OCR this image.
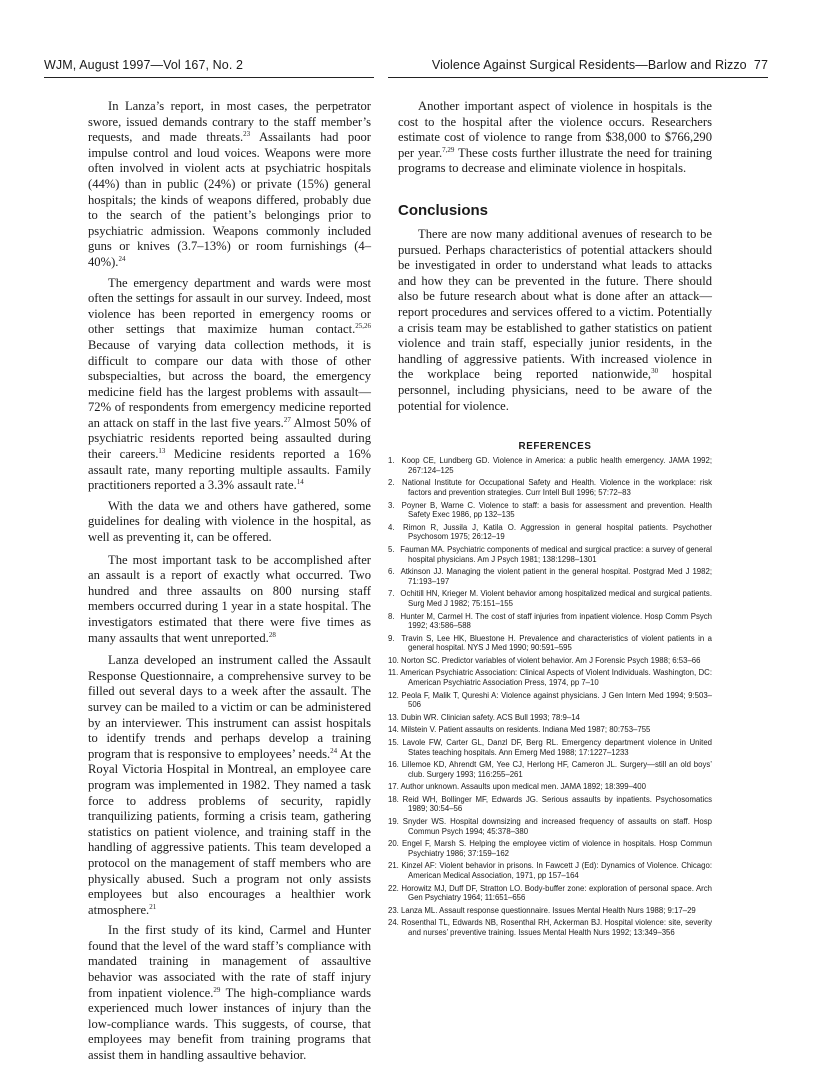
WJM, August 1997—Vol 167, No. 2	Violence Against Surgical Residents—Barlow and Rizzo 77

In Lanza’s report, in most cases, the perpetrator swore, issued demands contrary to the staff member’s requests, and made threats.$^{23}$ Assailants had poor impulse control and loud voices. Weapons were more often involved in violent acts at psychiatric hospitals (44%) than in public (24%) or private (15%) general hospitals; the kinds of weapons differed, probably due to the search of the patient’s belongings prior to psychiatric admission. Weapons commonly included guns or knives (3.7–13%) or room furnishings (4–40%).$^{24}$

The emergency department and wards were most often the settings for assault in our survey. Indeed, most violence has been reported in emergency rooms or other settings that maximize human contact.$^{25,26}$ Because of varying data collection methods, it is difficult to compare our data with those of other subspecialties, but across the board, the emergency medicine field has the largest problems with assault—72% of respondents from emergency medicine reported an attack on staff in the last five years.$^{27}$ Almost 50% of psychiatric residents reported being assaulted during their careers.$^{13}$ Medicine residents reported a 16% assault rate, many reporting multiple assaults. Family practitioners reported a 3.3% assault rate.$^{14}$

With the data we and others have gathered, some guidelines for dealing with violence in the hospital, as well as preventing it, can be offered.

The most important task to be accomplished after an assault is a report of exactly what occurred. Two hundred and three assaults on 800 nursing staff members occurred during 1 year in a state hospital. The investigators estimated that there were five times as many assaults that went unreported.$^{28}$

Lanza developed an instrument called the Assault Response Questionnaire, a comprehensive survey to be filled out several days to a week after the assault. The survey can be mailed to a victim or can be administered by an interviewer. This instrument can assist hospitals to identify trends and perhaps develop a training program that is responsive to employees’ needs.$^{24}$ At the Royal Victoria Hospital in Montreal, an employee care program was implemented in 1982. They named a task force to address problems of security, rapidly tranquilizing patients, forming a crisis team, gathering statistics on patient violence, and training staff in the handling of aggressive patients. This team developed a protocol on the management of staff members who are physically abused. Such a program not only assists employees but also encourages a healthier work atmosphere.$^{21}$

In the first study of its kind, Carmel and Hunter found that the level of the ward staff’s compliance with mandated training in management of assaultive behavior was associated with the rate of staff injury from inpatient violence.$^{29}$ The high-compliance wards experienced much lower instances of injury than the low-compliance wards. This suggests, of course, that employees may benefit from training programs that assist them in handling assaultive behavior.

Another important aspect of violence in hospitals is the cost to the hospital after the violence occurs. Researchers estimate cost of violence to range from $38,000 to $766,290 per year.$^{7,29}$ These costs further illustrate the need for training programs to decrease and eliminate violence in hospitals.

Conclusions

There are now many additional avenues of research to be pursued. Perhaps characteristics of potential attackers should be investigated in order to understand what leads to attacks and how they can be prevented in the future. There should also be future research about what is done after an attack—report procedures and services offered to a victim. Potentially a crisis team may be established to gather statistics on patient violence and train staff, especially junior residents, in the handling of aggressive patients. With increased violence in the workplace being reported nationwide,$^{30}$ hospital personnel, including physicians, need to be aware of the potential for violence.

REFERENCES
1. Koop CE, Lundberg GD. Violence in America: a public health emergency. JAMA 1992; 267:124–125
2. National Institute for Occupational Safety and Health. Violence in the workplace: risk factors and prevention strategies. Curr Intell Bull 1996; 57:72–83
3. Poyner B, Warne C. Violence to staff: a basis for assessment and prevention. Health Safety Exec 1986, pp 132–135
4. Rimon R, Jussila J, Katila O. Aggression in general hospital patients. Psychother Psychosom 1975; 26:12–19
5. Fauman MA. Psychiatric components of medical and surgical practice: a survey of general hospital physicians. Am J Psych 1981; 138:1298–1301
6. Atkinson JJ. Managing the violent patient in the general hospital. Postgrad Med J 1982; 71:193–197
7. Ochitill HN, Krieger M. Violent behavior among hospitalized medical and surgical patients. Surg Med J 1982; 75:151–155
8. Hunter M, Carmel H. The cost of staff injuries from inpatient violence. Hosp Comm Psych 1992; 43:586–588
9. Travin S, Lee HK, Bluestone H. Prevalence and characteristics of violent patients in a general hospital. NYS J Med 1990; 90:591–595
10. Norton SC. Predictor variables of violent behavior. Am J Forensic Psych 1988; 6:53–66
11. American Psychiatric Association: Clinical Aspects of Violent Individuals. Washington, DC: American Psychiatric Association Press, 1974, pp 7–10
12. Peola F, Malik T, Qureshi A: Violence against physicians. J Gen Intern Med 1994; 9:503–506
13. Dubin WR. Clinician safety. ACS Bull 1993; 78:9–14
14. Milstein V. Patient assaults on residents. Indiana Med 1987; 80:753–755
15. Lavole FW, Carter GL, Danzl DF, Berg RL. Emergency department violence in United States teaching hospitals. Ann Emerg Med 1988; 17:1227–1233
16. Lillemoe KD, Ahrendt GM, Yee CJ, Herlong HF, Cameron JL. Surgery—still an old boys’ club. Surgery 1993; 116:255–261
17. Author unknown. Assaults upon medical men. JAMA 1892; 18:399–400
18. Reid WH, Bollinger MF, Edwards JG. Serious assaults by inpatients. Psychosomatics 1989; 30:54–56
19. Snyder WS. Hospital downsizing and increased frequency of assaults on staff. Hosp Commun Psych 1994; 45:378–380
20. Engel F, Marsh S. Helping the employee victim of violence in hospitals. Hosp Commun Psychiatry 1986; 37:159–162
21. Kinzel AF: Violent behavior in prisons. In Fawcett J (Ed): Dynamics of Violence. Chicago: American Medical Association, 1971, pp 157–164
22. Horowitz MJ, Duff DF, Stratton LO. Body-buffer zone: exploration of personal space. Arch Gen Psychiatry 1964; 11:651–656
23. Lanza ML. Assault response questionnaire. Issues Mental Health Nurs 1988; 9:17–29
24. Rosenthal TL, Edwards NB, Rosenthal RH, Ackerman BJ. Hospital violence: site, severity and nurses’ preventive training. Issues Mental Health Nurs 1992; 13:349–356
